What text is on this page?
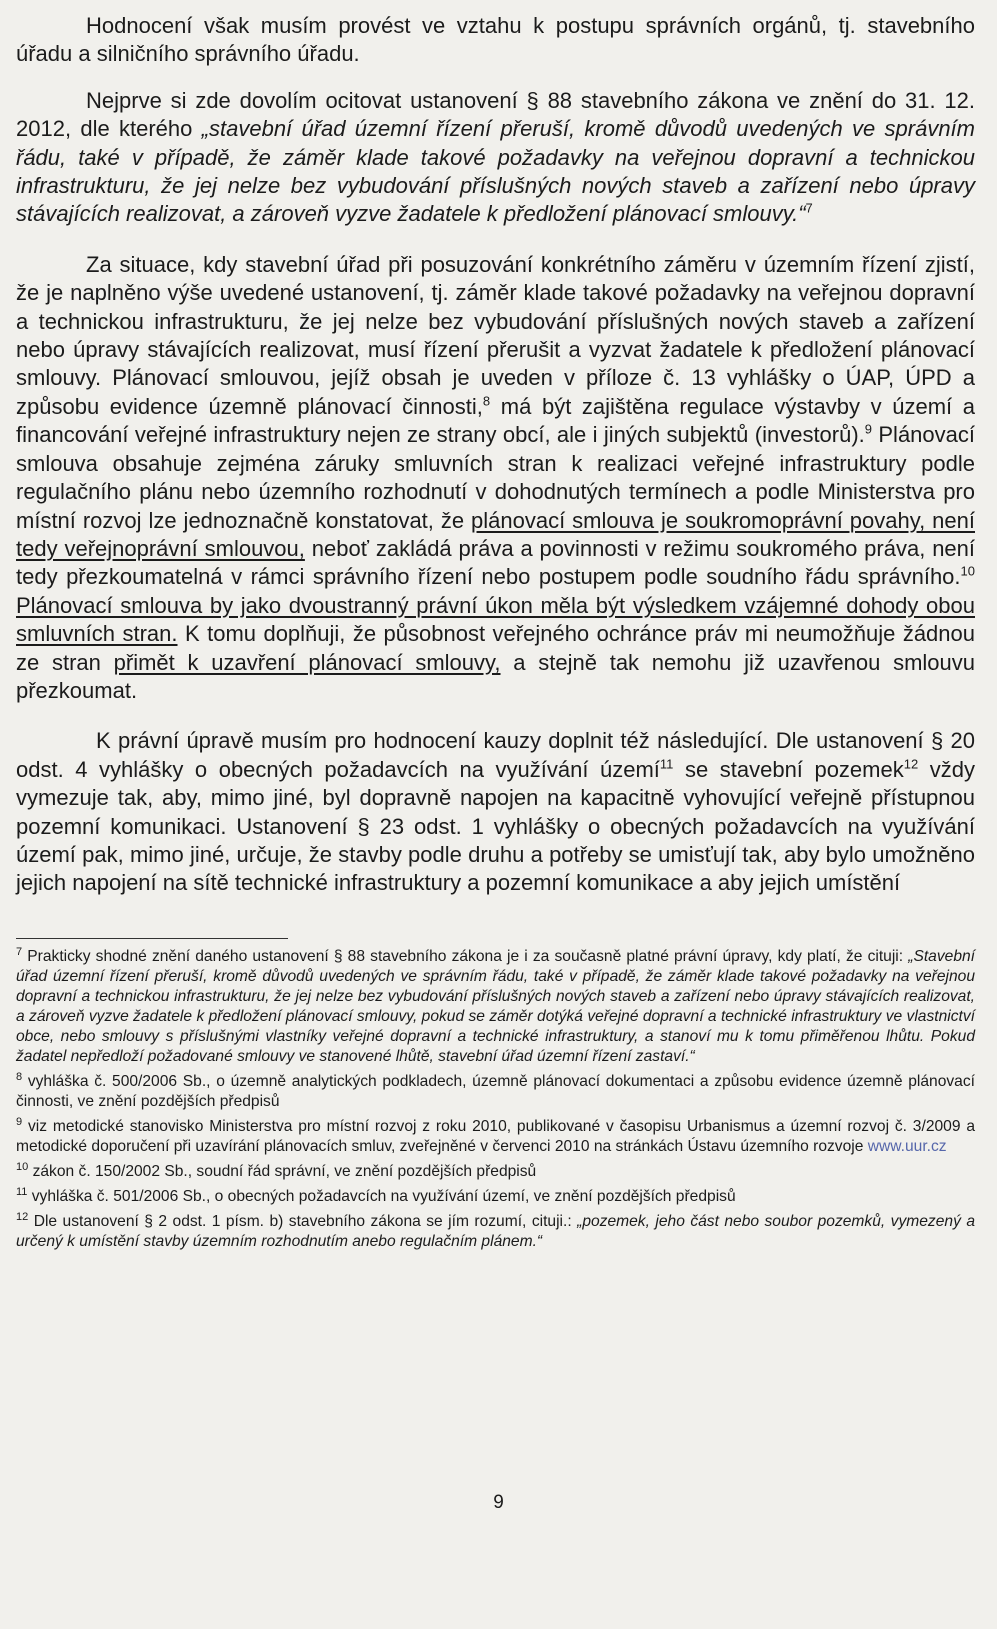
Hodnocení však musím provést ve vztahu k postupu správních orgánů, tj. stavebního úřadu a silničního správního úřadu.

Nejprve si zde dovolím ocitovat ustanovení § 88 stavebního zákona ve znění do 31. 12. 2012, dle kterého „stavební úřad územní řízení přeruší, kromě důvodů uvedených ve správním řádu, také v případě, že záměr klade takové požadavky na veřejnou dopravní a technickou infrastrukturu, že jej nelze bez vybudování příslušných nových staveb a zařízení nebo úpravy stávajících realizovat, a zároveň vyzve žadatele k předložení plánovací smlouvy.“$^7$

Za situace, kdy stavební úřad při posuzování konkrétního záměru v územním řízení zjistí, že je naplněno výše uvedené ustanovení, tj. záměr klade takové požadavky na veřejnou dopravní a technickou infrastrukturu, že jej nelze bez vybudování příslušných nových staveb a zařízení nebo úpravy stávajících realizovat, musí řízení přerušit a vyzvat žadatele k předložení plánovací smlouvy. Plánovací smlouvou, jejíž obsah je uveden v příloze č. 13 vyhlášky o ÚAP, ÚPD a způsobu evidence územně plánovací činnosti,$^8$ má být zajištěna regulace výstavby v území a financování veřejné infrastruktury nejen ze strany obcí, ale i jiných subjektů (investorů).$^9$ Plánovací smlouva obsahuje zejména záruky smluvních stran k realizaci veřejné infrastruktury podle regulačního plánu nebo územního rozhodnutí v dohodnutých termínech a podle Ministerstva pro místní rozvoj lze jednoznačně konstatovat, že plánovací smlouva je soukromoprávní povahy, není tedy veřejnoprávní smlouvou, neboť zakládá práva a povinnosti v režimu soukromého práva, není tedy přezkoumatelná v rámci správního řízení nebo postupem podle soudního řádu správního.$^{10}$ Plánovací smlouva by jako dvoustranný právní úkon měla být výsledkem vzájemné dohody obou smluvních stran. K tomu doplňuji, že působnost veřejného ochránce práv mi neumožňuje žádnou ze stran přimět k uzavření plánovací smlouvy, a stejně tak nemohu již uzavřenou smlouvu přezkoumat.

K právní úpravě musím pro hodnocení kauzy doplnit též následující. Dle ustanovení § 20 odst. 4 vyhlášky o obecných požadavcích na využívání území$^{11}$ se stavební pozemek$^{12}$ vždy vymezuje tak, aby, mimo jiné, byl dopravně napojen na kapacitně vyhovující veřejně přístupnou pozemní komunikaci. Ustanovení § 23 odst. 1 vyhlášky o obecných požadavcích na využívání území pak, mimo jiné, určuje, že stavby podle druhu a potřeby se umisťují tak, aby bylo umožněno jejich napojení na sítě technické infrastruktury a pozemní komunikace a aby jejich umístění

$^7$ Prakticky shodné znění daného ustanovení § 88 stavebního zákona je i za současně platné právní úpravy, kdy platí, že cituji: „Stavební úřad územní řízení přeruší, kromě důvodů uvedených ve správním řádu, také v případě, že záměr klade takové požadavky na veřejnou dopravní a technickou infrastrukturu, že jej nelze bez vybudování příslušných nových staveb a zařízení nebo úpravy stávajících realizovat, a zároveň vyzve žadatele k předložení plánovací smlouvy, pokud se záměr dotýká veřejné dopravní a technické infrastruktury ve vlastnictví obce, nebo smlouvy s příslušnými vlastníky veřejné dopravní a technické infrastruktury, a stanoví mu k tomu přiměřenou lhůtu. Pokud žadatel nepředloží požadované smlouvy ve stanovené lhůtě, stavební úřad územní řízení zastaví.“

$^8$ vyhláška č. 500/2006 Sb., o územně analytických podkladech, územně plánovací dokumentaci a způsobu evidence územně plánovací činnosti, ve znění pozdějších předpisů

$^9$ viz metodické stanovisko Ministerstva pro místní rozvoj z roku 2010, publikované v časopisu Urbanismus a územní rozvoj č. 3/2009 a metodické doporučení při uzavírání plánovacích smluv, zveřejněné v červenci 2010 na stránkách Ústavu územního rozvoje www.uur.cz

$^{10}$ zákon č. 150/2002 Sb., soudní řád správní, ve znění pozdějších předpisů

$^{11}$ vyhláška č. 501/2006 Sb., o obecných požadavcích na využívání území, ve znění pozdějších předpisů

$^{12}$ Dle ustanovení § 2 odst. 1 písm. b) stavebního zákona se jím rozumí, cituji.: „pozemek, jeho část nebo soubor pozemků, vymezený a určený k umístění stavby územním rozhodnutím anebo regulačním plánem.“

9
